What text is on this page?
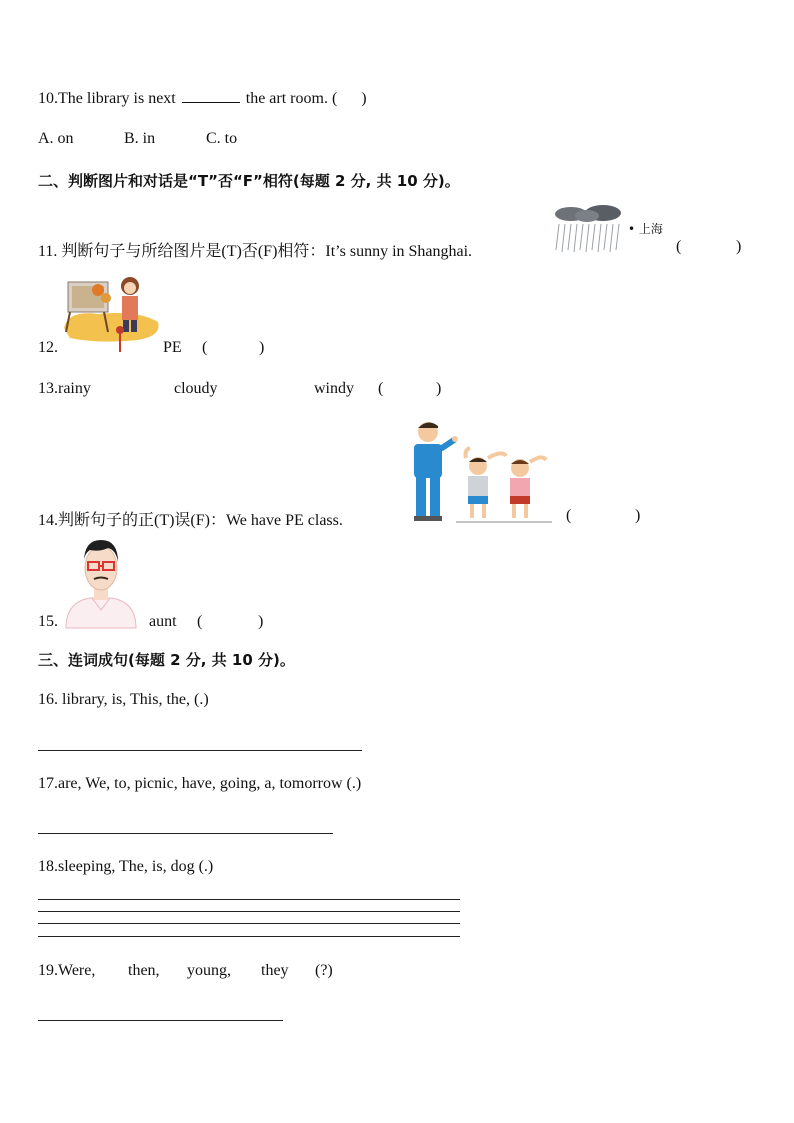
10.The library is next	the art room. ( )
A. on	B. in	C. to
二、判断图片和对话是“T”否“F”相符(每题 2 分, 共 10 分)。
11. 判断句子与所给图片是(T)否(F)相符：It’s sunny in Shanghai.
• 上海
(	)
12.	PE (	)
13.rainy	cloudy	windy (	)
14.判断句子的正(T)误(F)：We have PE class.	(	)
15.	aunt (	)
三、连词成句(每题 2 分, 共 10 分)。
16. library, is, This, the, (.)
17.are, We, to, picnic, have, going, a, tomorrow (.)
18.sleeping, The, is, dog (.)
19.Were, then, young, they (?)
